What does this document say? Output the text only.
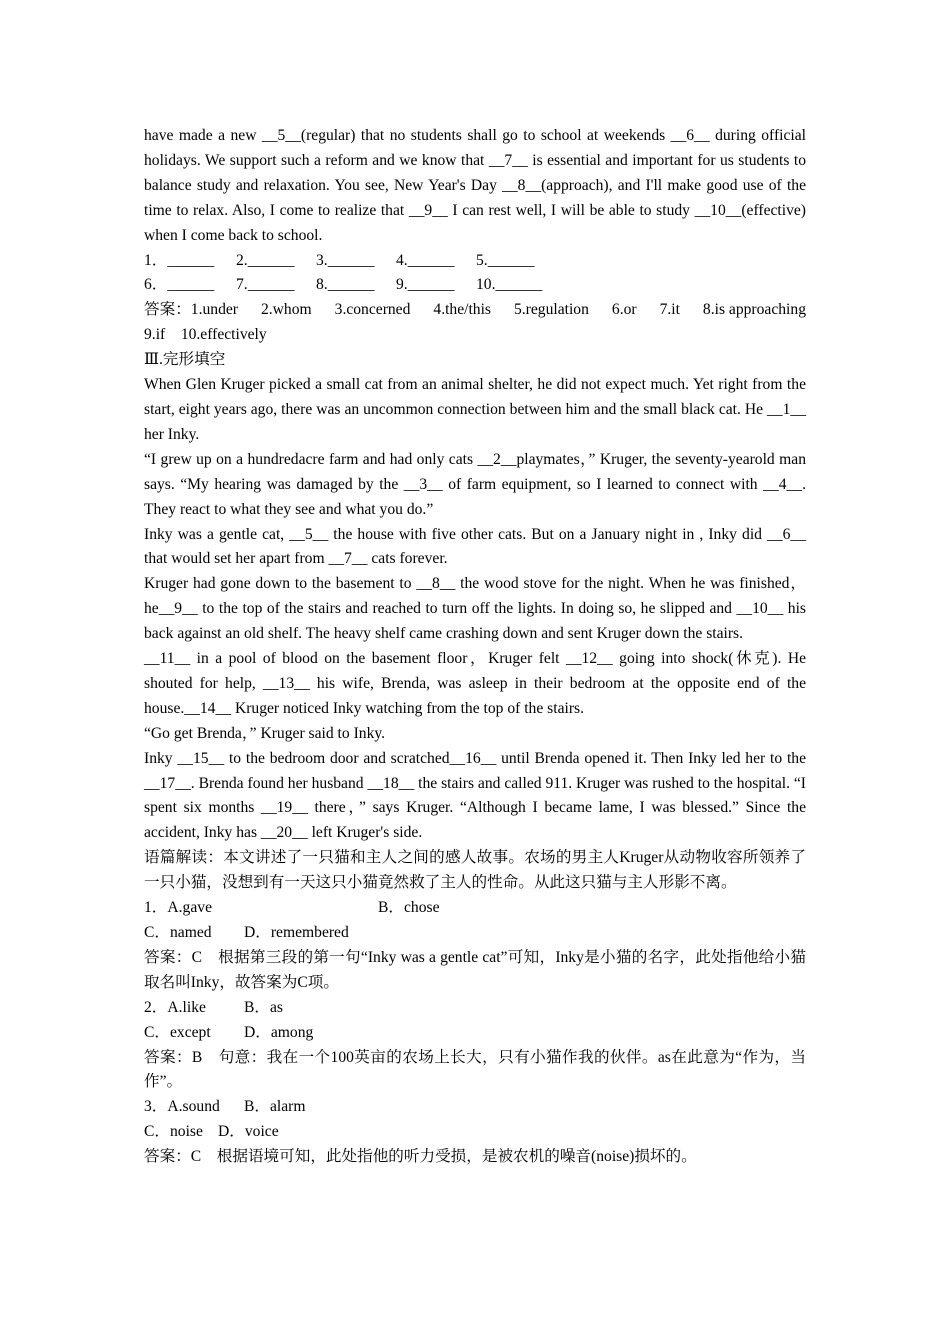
have made a new __5__(regular) that no students shall go to school at weekends __6__ during official holidays. We support such a reform and we know that __7__ is essential and important for us students to balance study and relaxation. You see, New Year's Day __8__(approach), and I'll make good use of the time to relax. Also, I come to realize that __9__ I can rest well, I will be able to study __10__(effective) when I come back to school.

1．______	2.______	3.______	4.______	5.______
6．______	7.______	8.______	9.______	10.______
答案：1.under 2.whom 3.concerned 4.the/this 5.regulation 6.or 7.it 8.is approaching

9.if　10.effectively

Ⅲ.完形填空

When Glen Kruger picked a small cat from an animal shelter, he did not expect much. Yet right from the start, eight years ago, there was an uncommon connection between him and the small black cat. He __1__ her Inky.

“I grew up on a hundredacre farm and had only cats __2__playmates，” Kruger, the seventy-yearold man says. “My hearing was damaged by the __3__ of farm equipment, so I learned to connect with __4__. They react to what they see and what you do.”

Inky was a gentle cat, __5__ the house with five other cats. But on a January night in , Inky did __6__ that would set her apart from __7__ cats forever.

Kruger had gone down to the basement to __8__ the wood stove for the night. When he was finished，he__9__ to the top of the stairs and reached to turn off the lights. In doing so, he slipped and __10__ his back against an old shelf. The heavy shelf came crashing down and sent Kruger down the stairs.

__11__ in a pool of blood on the basement floor，Kruger felt __12__ going into shock(休克). He shouted for help, __13__ his wife, Brenda, was asleep in their bedroom at the opposite end of the house.__14__ Kruger noticed Inky watching from the top of the stairs.

“Go get Brenda，” Kruger said to Inky.

Inky __15__ to the bedroom door and scratched__16__ until Brenda opened it. Then Inky led her to the __17__. Brenda found her husband __18__ the stairs and called 911. Kruger was rushed to the hospital. “I spent six months __19__ there，” says Kruger. “Although I became lame, I was blessed.” Since the accident, Inky has __20__ left Kruger's side.

语篇解读：本文讲述了一只猫和主人之间的感人故事。农场的男主人Kruger从动物收容所领养了一只小猫，没想到有一天这只小猫竟然救了主人的性命。从此这只猫与主人形影不离。

1．A.gave	B．chose
C．named	D．remembered

答案：C　根据第三段的第一句“Inky was a gentle cat”可知，Inky是小猫的名字，此处指他给小猫取名叫Inky，故答案为C项。

2．A.like	B．as
C．except	D．among

答案：B　句意：我在一个100英亩的农场上长大，只有小猫作我的伙伴。as在此意为“作为，当作”。

3．A.sound	B．alarm
C．noise D．voice

答案：C　根据语境可知，此处指他的听力受损，是被农机的噪音(noise)损坏的。
